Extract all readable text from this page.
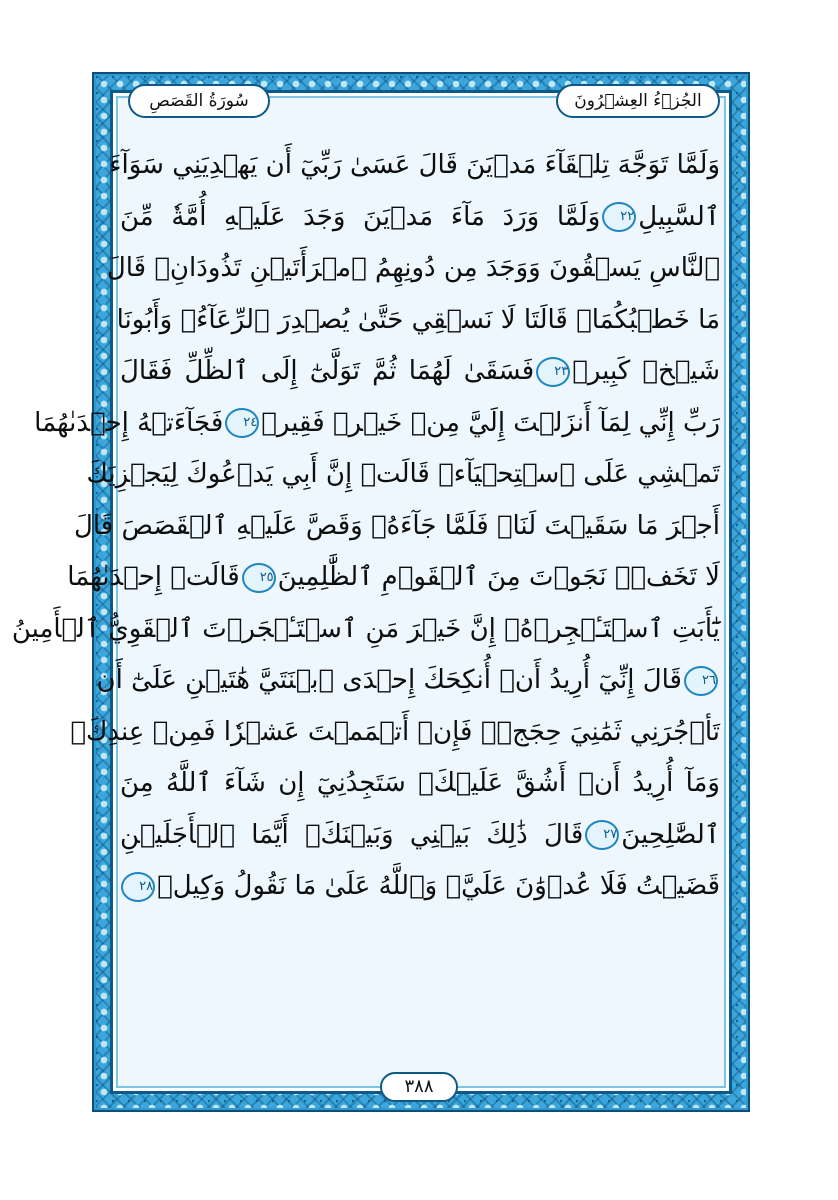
الجُزۡءُ العِشۡرُونَ
سُورَةُ القَصَصِ
وَلَمَّا تَوَجَّهَ تِلۡقَآءَ مَدۡيَنَ قَالَ عَسَىٰ رَبِّيٓ أَن يَهۡدِيَنِي سَوَآءَ
ٱلسَّبِيلِ٢٢وَلَمَّا وَرَدَ مَآءَ مَدۡيَنَ وَجَدَ عَلَيۡهِ أُمَّةٗ مِّنَ
ٱلنَّاسِ يَسۡقُونَ وَوَجَدَ مِن دُونِهِمُ ٱمۡرَأَتَيۡنِ تَذُودَانِۖ قَالَ
مَا خَطۡبُكُمَاۖ قَالَتَا لَا نَسۡقِي حَتَّىٰ يُصۡدِرَ ٱلرِّعَآءُۖ وَأَبُونَا
شَيۡخٞ كَبِيرٞ٢٣فَسَقَىٰ لَهُمَا ثُمَّ تَوَلَّىٰٓ إِلَى ٱلظِّلِّ فَقَالَ
رَبِّ إِنِّي لِمَآ أَنزَلۡتَ إِلَيَّ مِنۡ خَيۡرٖ فَقِيرٞ٢٤فَجَآءَتۡهُ إِحۡدَىٰهُمَا
تَمۡشِي عَلَى ٱسۡتِحۡيَآءٖ قَالَتۡ إِنَّ أَبِي يَدۡعُوكَ لِيَجۡزِيَكَ
أَجۡرَ مَا سَقَيۡتَ لَنَاۚ فَلَمَّا جَآءَهُۥ وَقَصَّ عَلَيۡهِ ٱلۡقَصَصَ قَالَ
لَا تَخَفۡۖ نَجَوۡتَ مِنَ ٱلۡقَوۡمِ ٱلظَّٰلِمِينَ٢٥قَالَتۡ إِحۡدَىٰهُمَا
يَٰٓأَبَتِ ٱسۡتَـٔۡجِرۡهُۖ إِنَّ خَيۡرَ مَنِ ٱسۡتَـٔۡجَرۡتَ ٱلۡقَوِيُّ ٱلۡأَمِينُ
٢٦قَالَ إِنِّيٓ أُرِيدُ أَنۡ أُنكِحَكَ إِحۡدَى ٱبۡنَتَيَّ هَٰتَيۡنِ عَلَىٰٓ أَن
تَأۡجُرَنِي ثَمَٰنِيَ حِجَجٖۖ فَإِنۡ أَتۡمَمۡتَ عَشۡرٗا فَمِنۡ عِندِكَۖ
وَمَآ أُرِيدُ أَنۡ أَشُقَّ عَلَيۡكَۚ سَتَجِدُنِيٓ إِن شَآءَ ٱللَّهُ مِنَ
ٱلصَّٰلِحِينَ٢٧قَالَ ذَٰلِكَ بَيۡنِي وَبَيۡنَكَۖ أَيَّمَا ٱلۡأَجَلَيۡنِ
قَضَيۡتُ فَلَا عُدۡوَٰنَ عَلَيَّۖ وَٱللَّهُ عَلَىٰ مَا نَقُولُ وَكِيلٞ٢٨
٣٨٨
